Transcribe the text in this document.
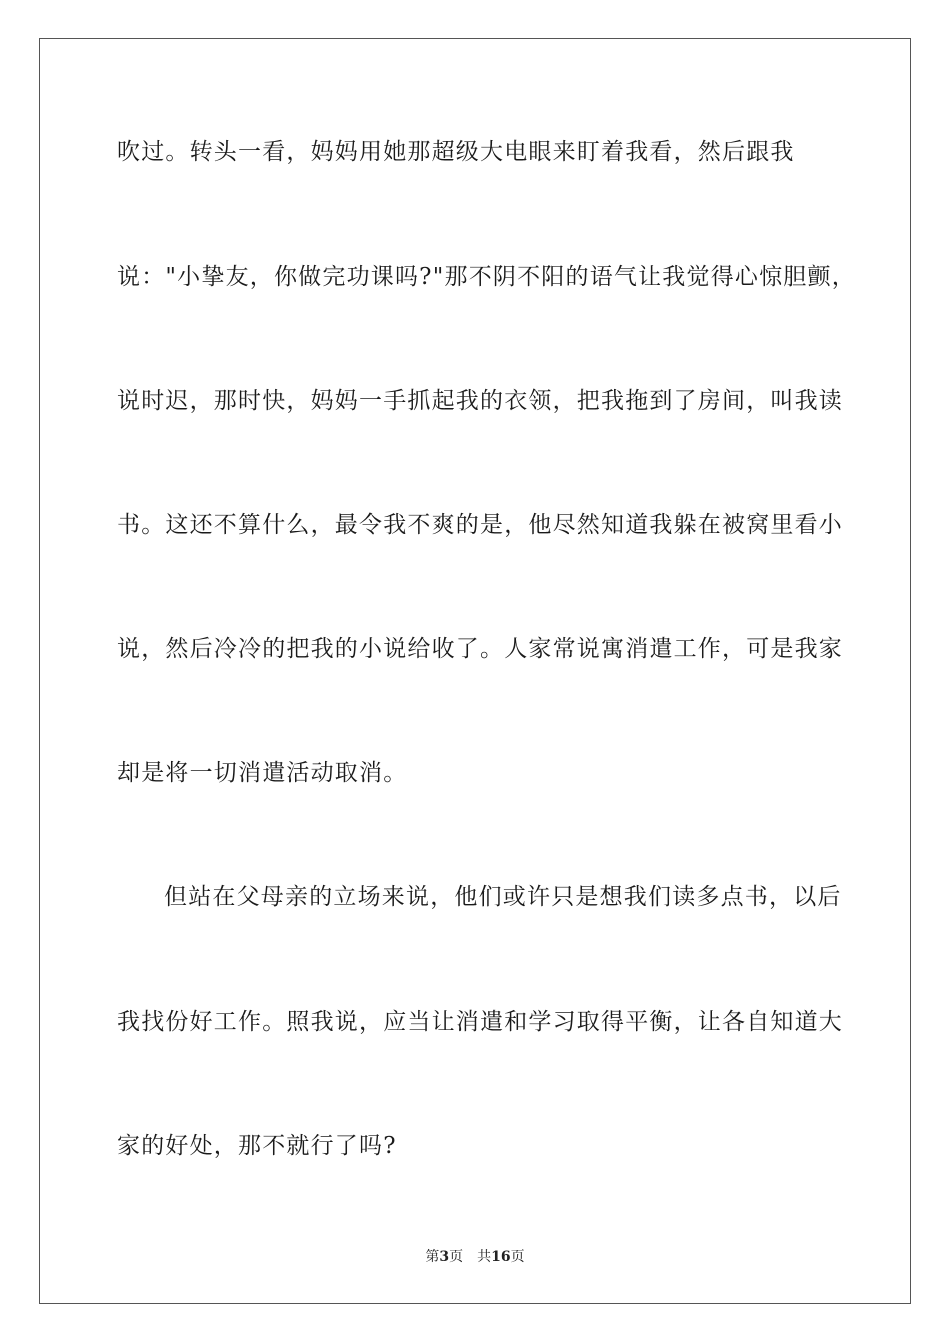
吹过。转头一看，妈妈用她那超级大电眼来盯着我看，然后跟我
说："小挚友，你做完功课吗?"那不阴不阳的语气让我觉得心惊胆颤，
说时迟，那时快，妈妈一手抓起我的衣领，把我拖到了房间，叫我读
书。这还不算什么，最令我不爽的是，他尽然知道我躲在被窝里看小
说，然后冷冷的把我的小说给收了。人家常说寓消遣工作，可是我家
却是将一切消遣活动取消。
但站在父母亲的立场来说，他们或许只是想我们读多点书，以后
我找份好工作。照我说，应当让消遣和学习取得平衡，让各自知道大
家的好处，那不就行了吗?
第3页 共16页
